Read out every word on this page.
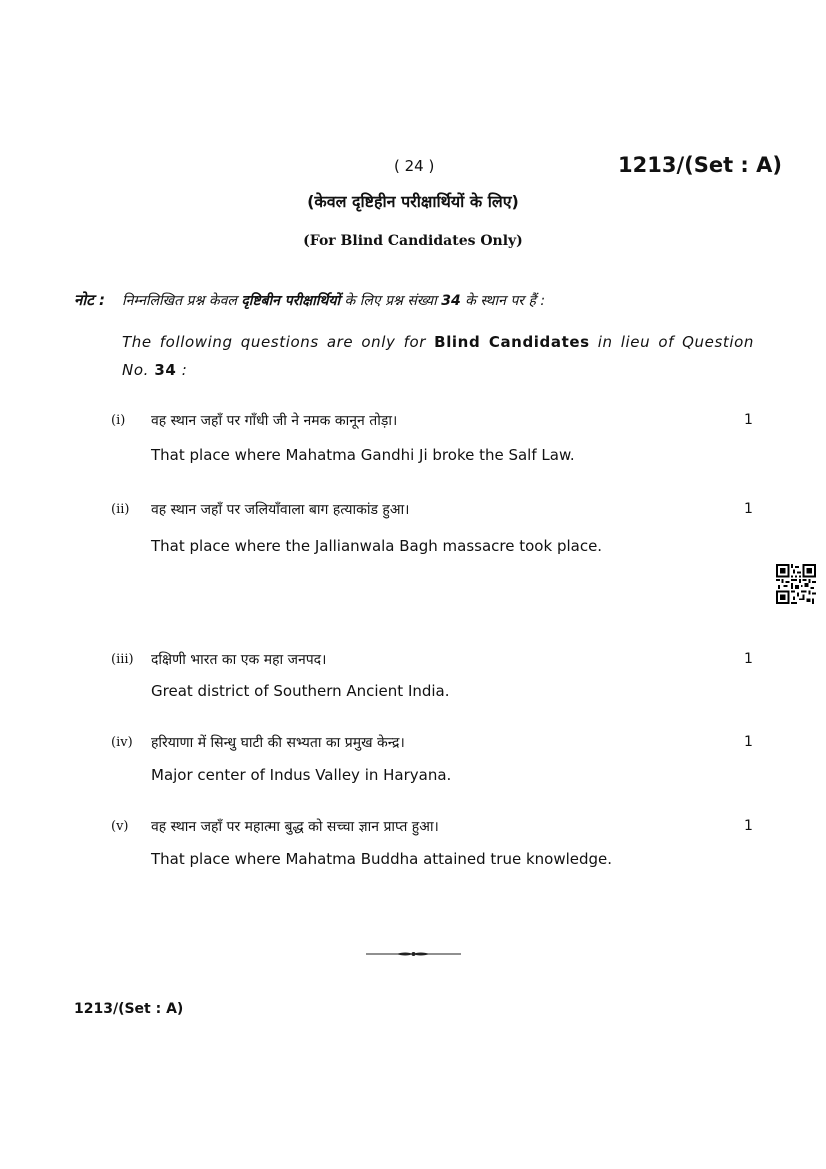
( 24 )	1213/(Set : A)
(केवल दृष्टिहीन परीक्षार्थियों के लिए)
(For Blind Candidates Only)
नोट : निम्नलिखित प्रश्न केवल दृष्टिबीन परीक्षार्थियों के लिए प्रश्न संख्या 34 के स्थान पर हैं :
The following questions are only for Blind Candidates in lieu of Question No. 34 :
(i) वह स्थान जहाँ पर गाँधी जी ने नमक कानून तोड़ा।	1
That place where Mahatma Gandhi Ji broke the Salf Law.
(ii) वह स्थान जहाँ पर जलियाँवाला बाग हत्याकांड हुआ।	1
That place where the Jallianwala Bagh massacre took place.
(iii) दक्षिणी भारत का एक महा जनपद।	1
Great district of Southern Ancient India.
(iv) हरियाणा में सिन्धु घाटी की सभ्यता का प्रमुख केन्द्र।	1
Major center of Indus Valley in Haryana.
(v) वह स्थान जहाँ पर महात्मा बुद्ध को सच्चा ज्ञान प्राप्त हुआ।	1
That place where Mahatma Buddha attained true knowledge.
1213/(Set : A)
